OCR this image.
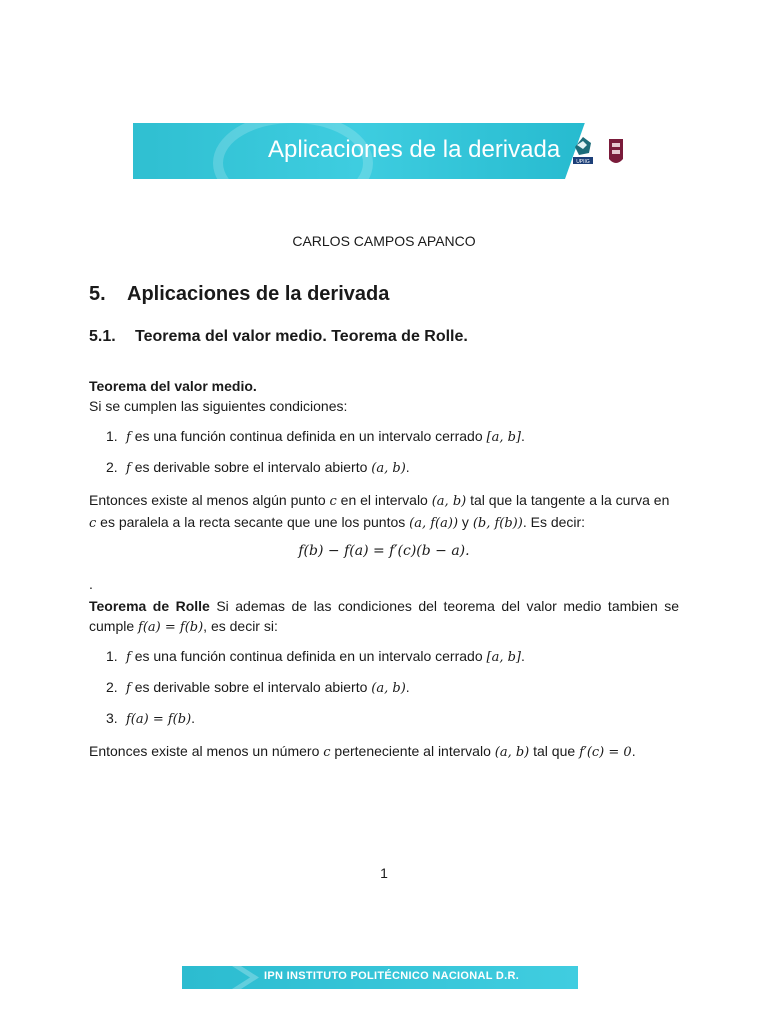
Aplicaciones de la derivada	UPIIG
CARLOS CAMPOS APANCO
5. Aplicaciones de la derivada
5.1. Teorema del valor medio. Teorema de Rolle.
Teorema del valor medio.
Si se cumplen las siguientes condiciones:
1. f es una función continua definida en un intervalo cerrado [a, b].
2. f es derivable sobre el intervalo abierto (a, b).
Entonces existe al menos algún punto c en el intervalo (a, b) tal que la tangente a la curva en
c es paralela a la recta secante que une los puntos (a, f(a)) y (b, f(b)). Es decir:
f(b) − f(a) = f′(c)(b − a).
.
Teorema de Rolle Si ademas de las condiciones del teorema del valor medio tambien se cumple f(a) = f(b), es decir si:
1. f es una función continua definida en un intervalo cerrado [a, b].
2. f es derivable sobre el intervalo abierto (a, b).
3. f(a) = f(b).
Entonces existe al menos un número c perteneciente al intervalo (a, b) tal que f′(c) = 0.
1
IPN INSTITUTO POLITÉCNICO NACIONAL D.R.
